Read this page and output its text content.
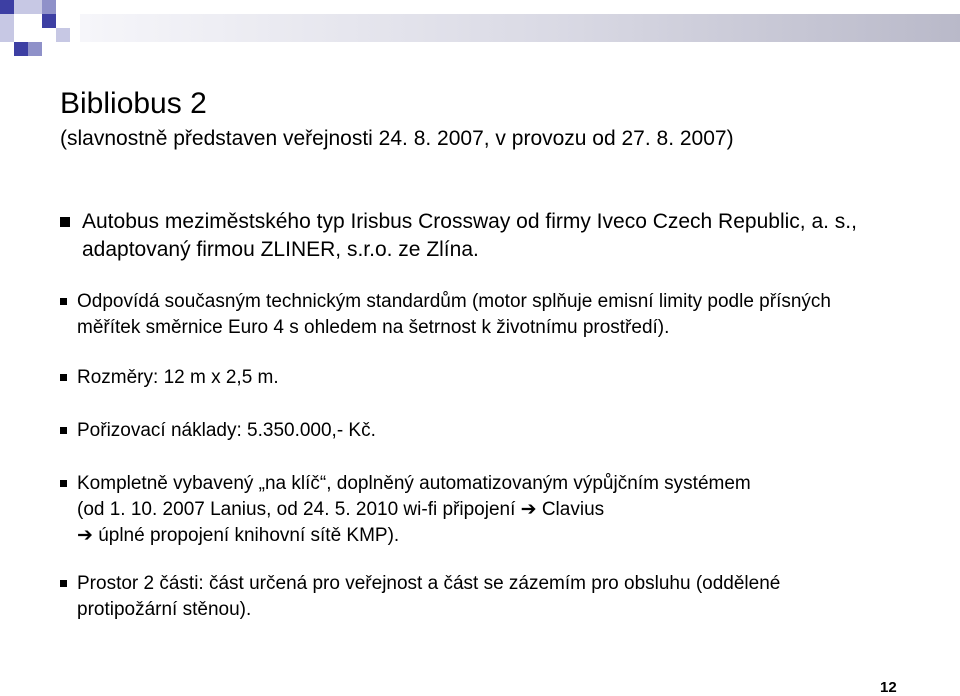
Bibliobus 2
(slavnostně představen veřejnosti 24. 8. 2007, v provozu od 27. 8. 2007)
Autobus meziměstského typ Irisbus Crossway od firmy Iveco Czech Republic, a. s.,
adaptovaný firmou ZLINER, s.r.o. ze Zlína.
Odpovídá současným technickým standardům (motor splňuje emisní limity podle přísných
měřítek směrnice Euro 4 s ohledem na šetrnost k životnímu prostředí).
Rozměry: 12 m x 2,5 m.
Pořizovací náklady: 5.350.000,- Kč.
Kompletně vybavený „na klíč“, doplněný automatizovaným výpůjčním systémem
(od 1. 10. 2007 Lanius, od 24. 5. 2010 wi-fi připojení ➔ Clavius
➔ úplné propojení knihovní sítě KMP).
Prostor 2 části: část určená pro veřejnost a část se zázemím pro obsluhu (oddělené
protipožární stěnou).
12
